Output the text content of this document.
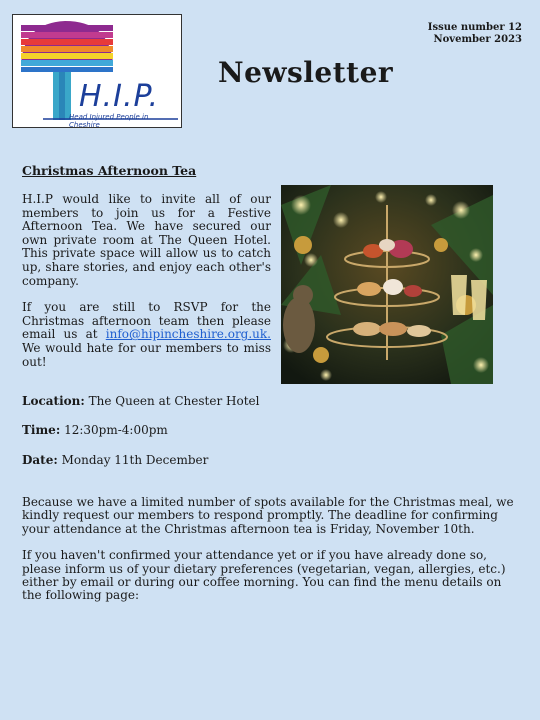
H.I.P.
Head Injured People in Cheshire
Issue number 12
November 2023
Newsletter
Christmas Afternoon Tea

H.I.P would like to invite all of our members to join us for a Festive Afternoon Tea. We have secured our own private room at The Queen Hotel. This private space will allow us to catch up, share stories, and enjoy each other's company.

If you are still to RSVP for the Christmas afternoon team then please email us at info@hipincheshire.org.uk. We would hate for our members to miss out!

Location: The Queen at Chester Hotel
Time: 12:30pm-4:00pm
Date: Monday 11th December

Because we have a limited number of spots available for the Christmas meal, we kindly request our members to respond promptly. The deadline for confirming your attendance at the Christmas afternoon tea is Friday, November 10th.

If you haven't confirmed your attendance yet or if you have already done so, please inform us of your dietary preferences (vegetarian, vegan, allergies, etc.) either by email or during our coffee morning. You can find the menu details on the following page:
